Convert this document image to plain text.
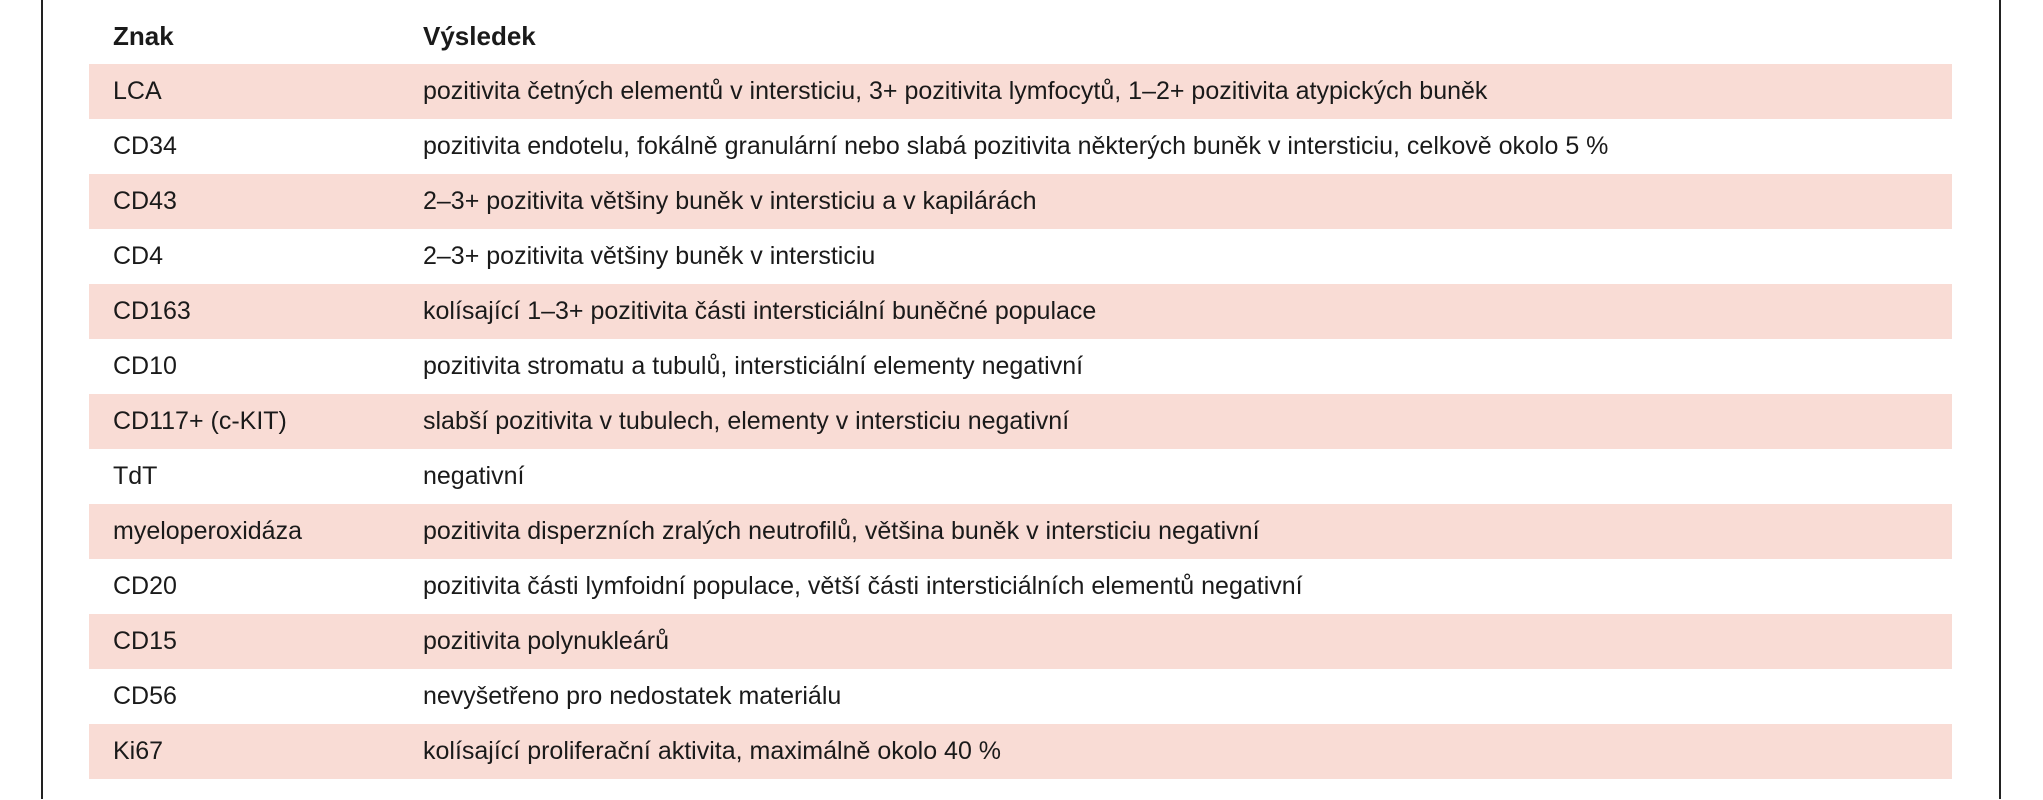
Znak	Výsledek
LCA	pozitivita četných elementů v intersticiu, 3+ pozitivita lymfocytů, 1–2+ pozitivita atypických buněk
CD34	pozitivita endotelu, fokálně granulární nebo slabá pozitivita některých buněk v intersticiu, celkově okolo 5 %
CD43	2–3+ pozitivita většiny buněk v intersticiu a v kapilárách
CD4	2–3+ pozitivita většiny buněk v intersticiu
CD163	kolísající 1–3+ pozitivita části intersticiální buněčné populace
CD10	pozitivita stromatu a tubulů, intersticiální elementy negativní
CD117+ (c-KIT)	slabší pozitivita v tubulech, elementy v intersticiu negativní
TdT	negativní
myeloperoxidáza	pozitivita disperzních zralých neutrofilů, většina buněk v intersticiu negativní
CD20	pozitivita části lymfoidní populace, větší části intersticiálních elementů negativní
CD15	pozitivita polynukleárů
CD56	nevyšetřeno pro nedostatek materiálu
Ki67	kolísající proliferační aktivita, maximálně okolo 40 %
